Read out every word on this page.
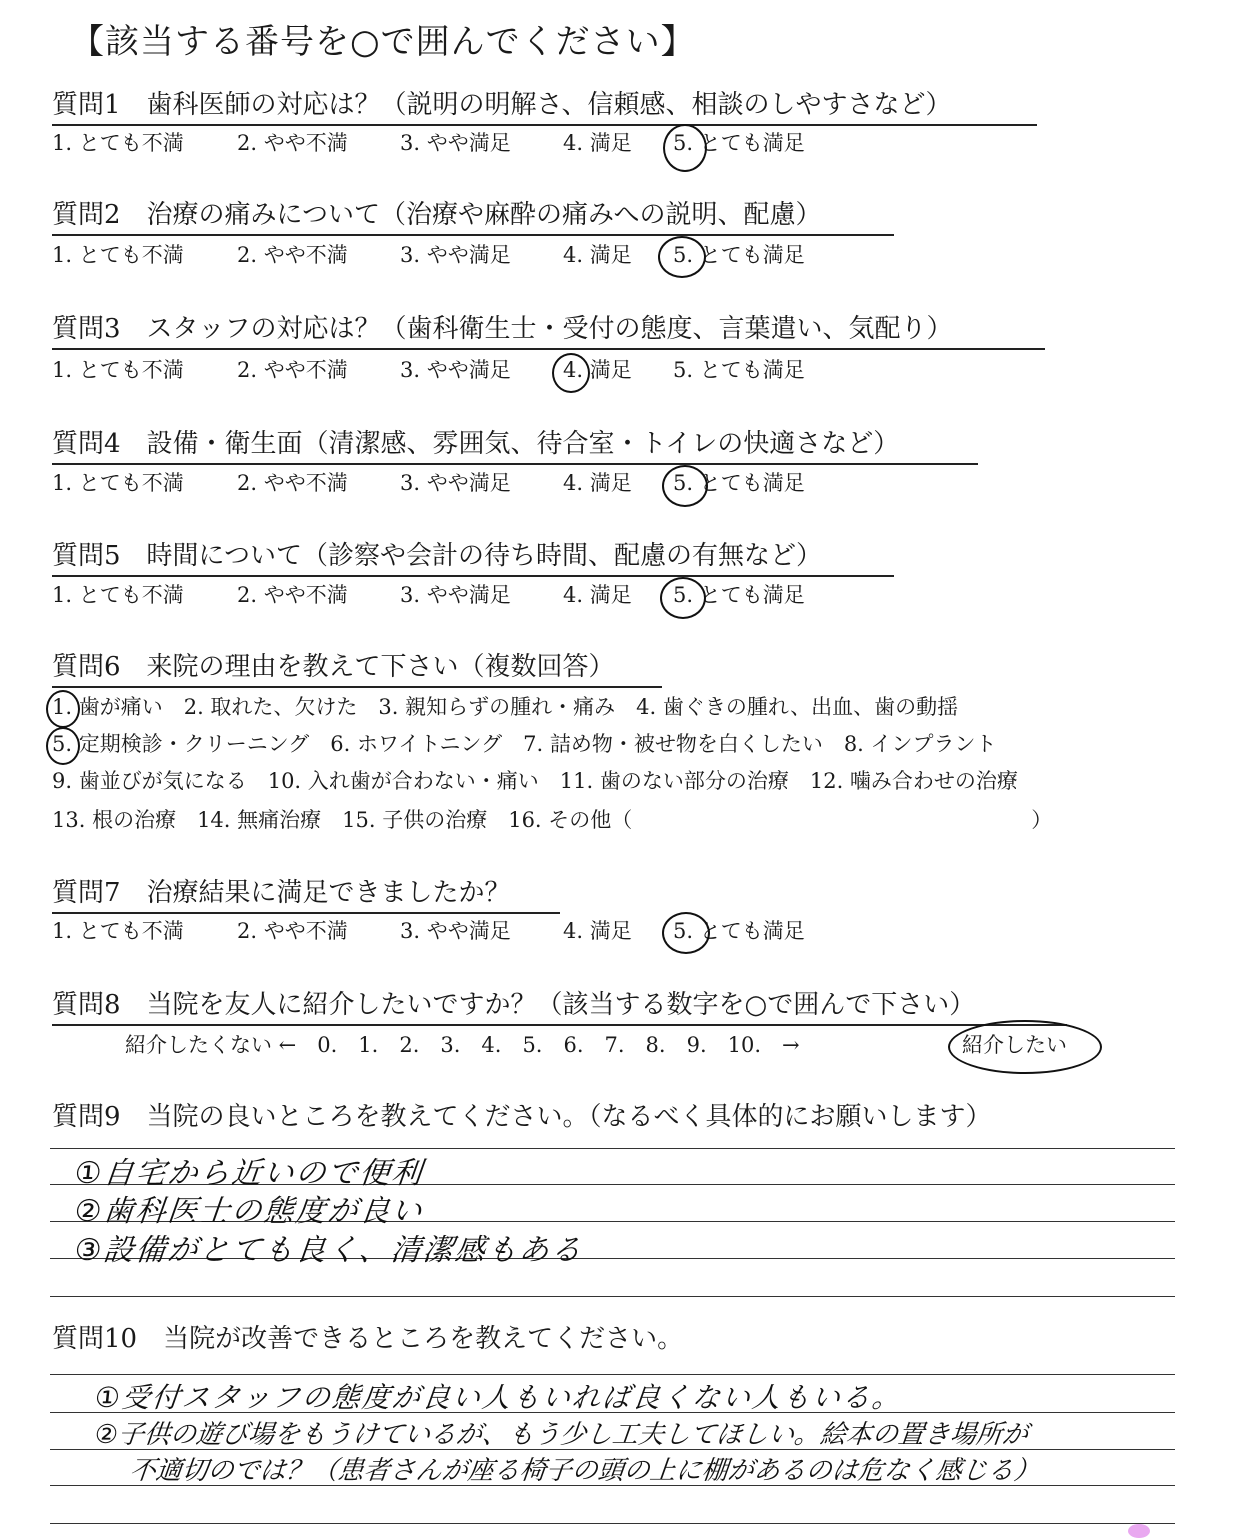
【該当する番号を○で囲んでください】
質問1　歯科医師の対応は？（説明の明解さ、信頼感、相談のしやすさなど）
1. とても不満	2. やや不満 3. やや満足 4. 満足 5. とても満足
質問2　治療の痛みについて（治療や麻酔の痛みへの説明、配慮）
1. とても不満	2. やや不満 3. やや満足 4. 満足 5. とても満足
質問3　スタッフの対応は？（歯科衛生士・受付の態度、言葉遣い、気配り）
1. とても不満	2. やや不満 3. やや満足 4. 満足 5. とても満足
質問4　設備・衛生面（清潔感、雰囲気、待合室・トイレの快適さなど）
1. とても不満	2. やや不満 3. やや満足 4. 満足 5. とても満足
質問5　時間について（診察や会計の待ち時間、配慮の有無など）
1. とても不満	2. やや不満 3. やや満足 4. 満足 5. とても満足
質問6　来院の理由を教えて下さい（複数回答）
1. 歯が痛い　2. 取れた、欠けた　3. 親知らずの腫れ・痛み　4. 歯ぐきの腫れ、出血、歯の動揺
5. 定期検診・クリーニング　6. ホワイトニング　7. 詰め物・被せ物を白くしたい　8. インプラント
9. 歯並びが気になる　10. 入れ歯が合わない・痛い　11. 歯のない部分の治療　12. 噛み合わせの治療
13. 根の治療　14. 無痛治療　15. 子供の治療　16. その他（　　　　　　　　　　　　　　　　　　　）
質問7　治療結果に満足できましたか？
1. とても不満	2. やや不満 3. やや満足 4. 満足 5. とても満足
質問8　当院を友人に紹介したいですか？（該当する数字を○で囲んで下さい）
紹介したくない ←　0.　1.　2.　3.　4.　5.　6.　7.　8.　9.　10.　→	紹介したい
質問9　当院の良いところを教えてください。（なるべく具体的にお願いします）
①自宅から近いので便利
②歯科医士の態度が良い
③設備がとても良く、清潔感もある
質問10　当院が改善できるところを教えてください。
①受付スタッフの態度が良い人もいれば良くない人もいる。
②子供の遊び場をもうけているが、もう少し工夫してほしい。絵本の置き場所が
不適切のでは？（患者さんが座る椅子の頭の上に棚があるのは危なく感じる）
